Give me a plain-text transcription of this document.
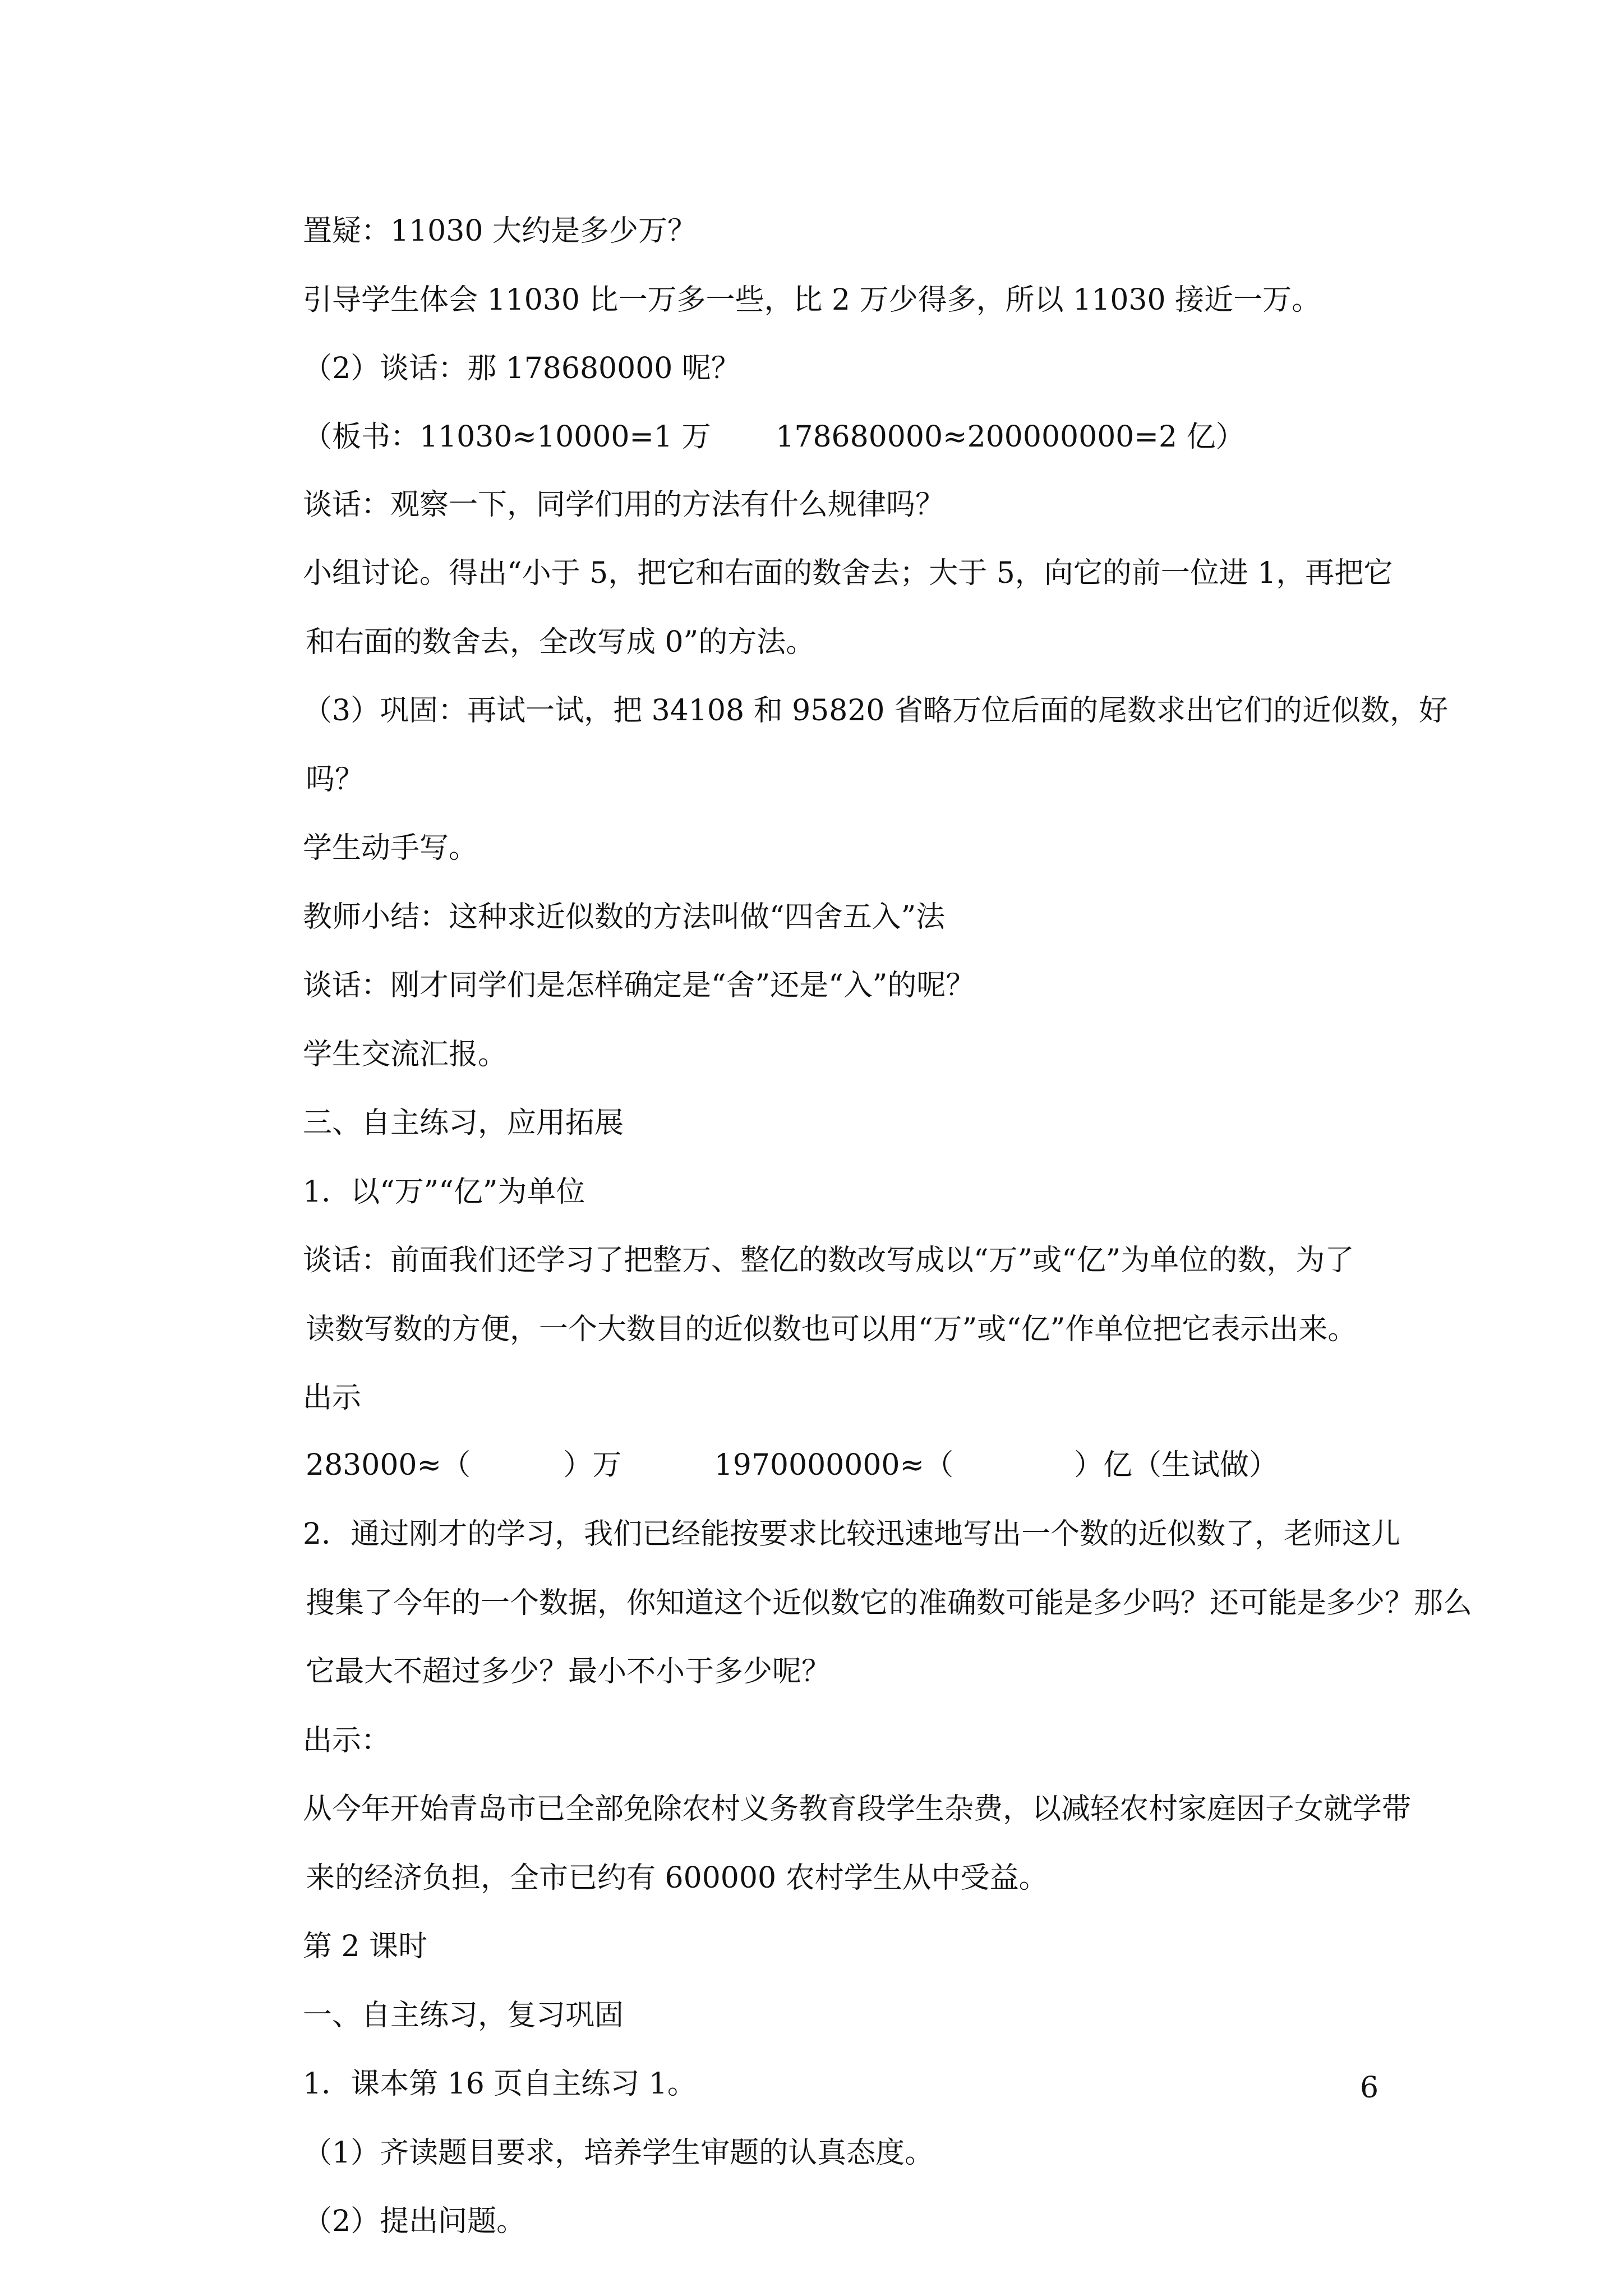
置疑：11030 大约是多少万？
引导学生体会 11030 比一万多一些，比 2 万少得多，所以 11030 接近一万。
（2）谈话：那 178680000 呢？
（板书：11030≈10000=1 万       178680000≈200000000=2 亿）
谈话：观察一下，同学们用的方法有什么规律吗？
小组讨论。得出“小于 5，把它和右面的数舍去；大于 5，向它的前一位进 1，再把它
和右面的数舍去，全改写成 0”的方法。
（3）巩固：再试一试，把 34108 和 95820 省略万位后面的尾数求出它们的近似数，好
吗？
学生动手写。
教师小结：这种求近似数的方法叫做“四舍五入”法
谈话：刚才同学们是怎样确定是“舍”还是“入”的呢？
学生交流汇报。
三、自主练习，应用拓展
1．以“万”“亿”为单位
谈话：前面我们还学习了把整万、整亿的数改写成以“万”或“亿”为单位的数，为了
读数写数的方便，一个大数目的近似数也可以用“万”或“亿”作单位把它表示出来。
出示
283000≈（          ）万          1970000000≈（             ）亿（生试做）
2．通过刚才的学习，我们已经能按要求比较迅速地写出一个数的近似数了，老师这儿
搜集了今年的一个数据，你知道这个近似数它的准确数可能是多少吗？还可能是多少？那么
它最大不超过多少？最小不小于多少呢？
出示：
从今年开始青岛市已全部免除农村义务教育段学生杂费，以减轻农村家庭因子女就学带
来的经济负担，全市已约有 600000 农村学生从中受益。
第 2 课时
一、自主练习，复习巩固
1．课本第 16 页自主练习 1。
（1）齐读题目要求，培养学生审题的认真态度。
（2）提出问题。
6
